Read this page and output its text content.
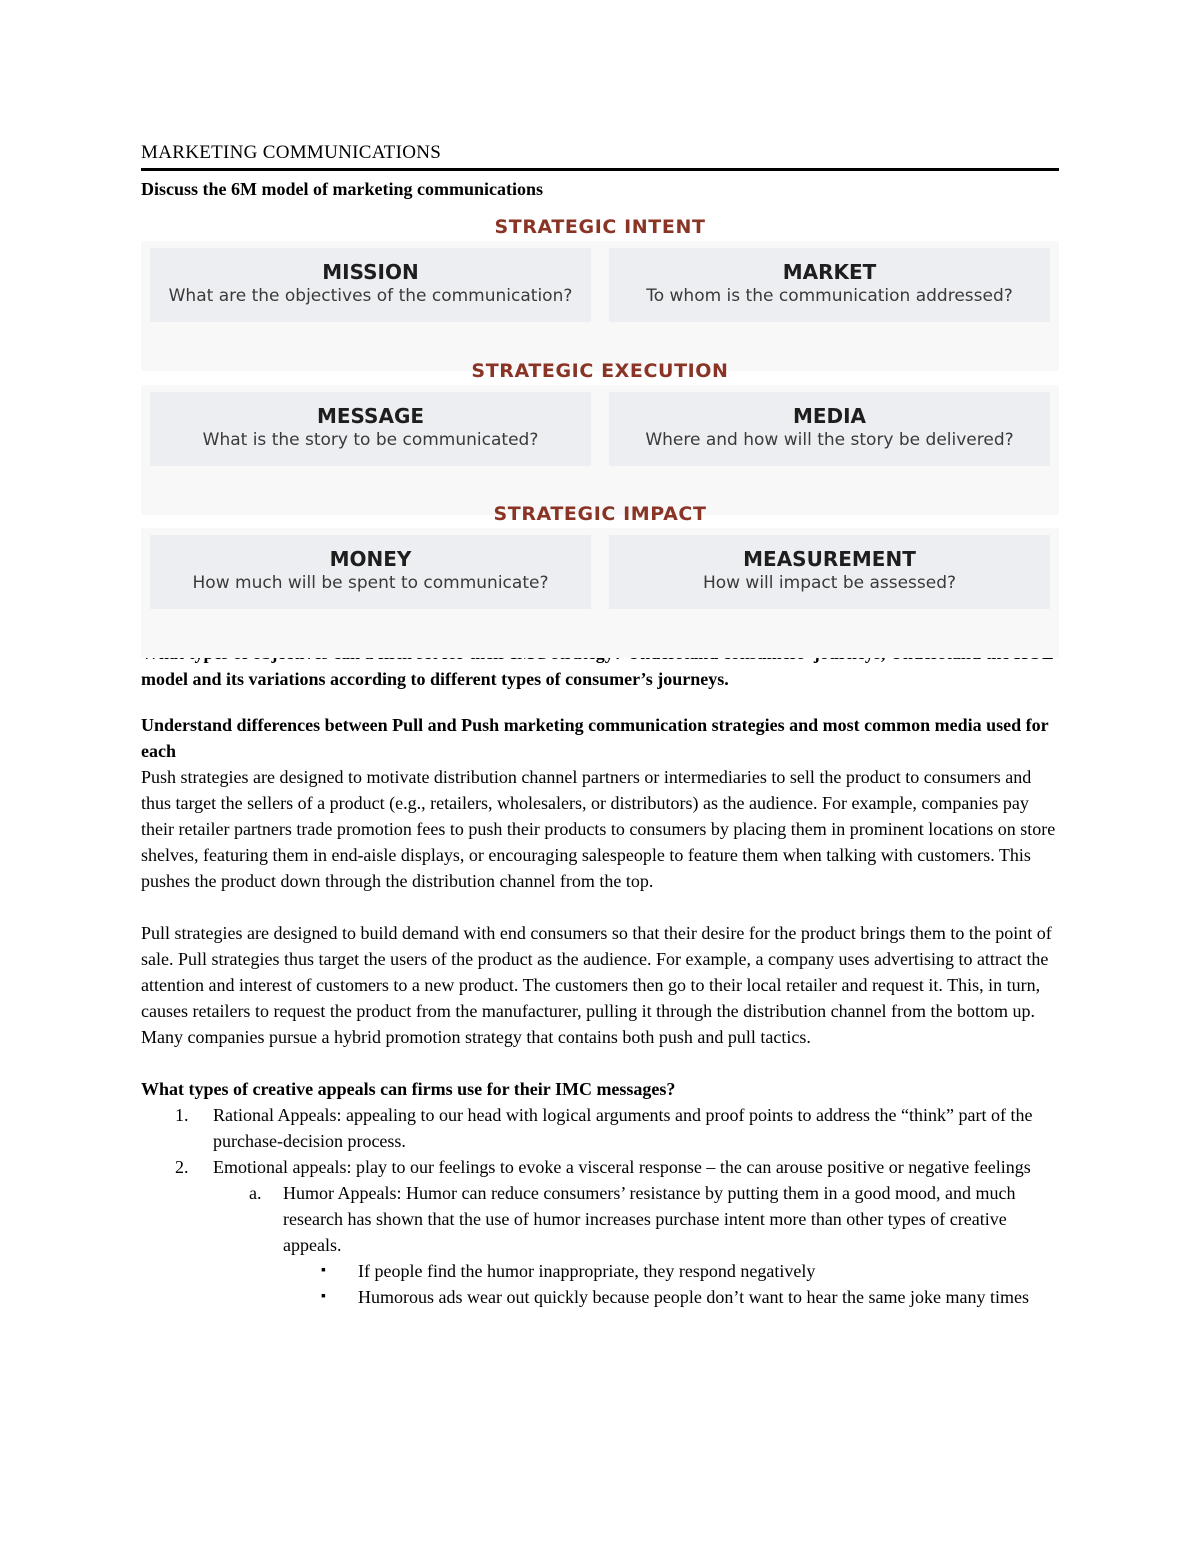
MARKETING COMMUNICATIONS
Discuss the 6M model of marketing communications
STRATEGIC INTENT
MISSION
What are the objectives of the communication?
MARKET
To whom is the communication addressed?
STRATEGIC EXECUTION
MESSAGE
What is the story to be communicated?
MEDIA
Where and how will the story be delivered?
STRATEGIC IMPACT
MONEY
How much will be spent to communicate?
MEASUREMENT
How will impact be assessed?
model and its variations according to different types of consumer’s journeys.
Understand differences between Pull and Push marketing communication strategies and most common media used for each

Push strategies are designed to motivate distribution channel partners or intermediaries to sell the product to consumers and thus target the sellers of a product (e.g., retailers, wholesalers, or distributors) as the audience. For example, companies pay their retailer partners trade promotion fees to push their products to consumers by placing them in prominent locations on store shelves, featuring them in end-aisle displays, or encouraging salespeople to feature them when talking with customers. This pushes the product down through the distribution channel from the top.

Pull strategies are designed to build demand with end consumers so that their desire for the product brings them to the point of sale. Pull strategies thus target the users of the product as the audience. For example, a company uses advertising to attract the attention and interest of customers to a new product. The customers then go to their local retailer and request it. This, in turn, causes retailers to request the product from the manufacturer, pulling it through the distribution channel from the bottom up. Many companies pursue a hybrid promotion strategy that contains both push and pull tactics.

What types of creative appeals can firms use for their IMC messages?
1. Rational Appeals: appealing to our head with logical arguments and proof points to address the “think” part of the purchase-decision process.
2. Emotional appeals: play to our feelings to evoke a visceral response – the can arouse positive or negative feelings
a. Humor Appeals: Humor can reduce consumers’ resistance by putting them in a good mood, and much research has shown that the use of humor increases purchase intent more than other types of creative appeals.
▪ If people find the humor inappropriate, they respond negatively
▪ Humorous ads wear out quickly because people don’t want to hear the same joke many times
